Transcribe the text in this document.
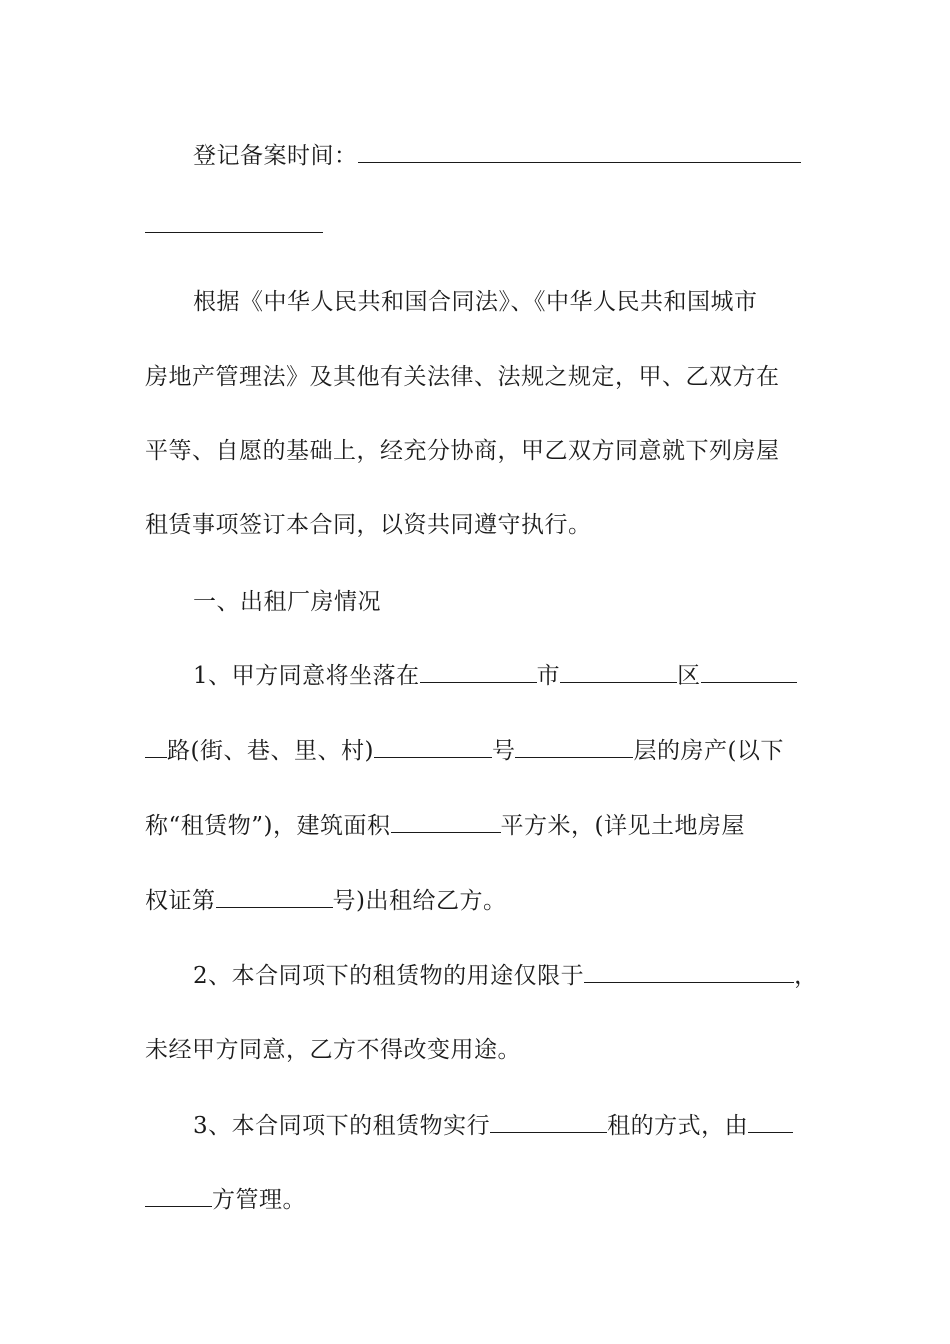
登记备案时间：
根据《中华人民共和国合同法》、《中华人民共和国城市
房地产管理法》及其他有关法律、法规之规定，甲、乙双方在
平等、自愿的基础上，经充分协商，甲乙双方同意就下列房屋
租赁事项签订本合同，以资共同遵守执行。
一、出租厂房情况
1、甲方同意将坐落在	市	区
路(街、巷、里、村)	号	层的房产(以下
称“租赁物”)，建筑面积	平方米，(详见土地房屋
权证第	号)出租给乙方。
2、本合同项下的租赁物的用途仅限于	，
未经甲方同意，乙方不得改变用途。
3、本合同项下的租赁物实行	租的方式，由
方管理。
